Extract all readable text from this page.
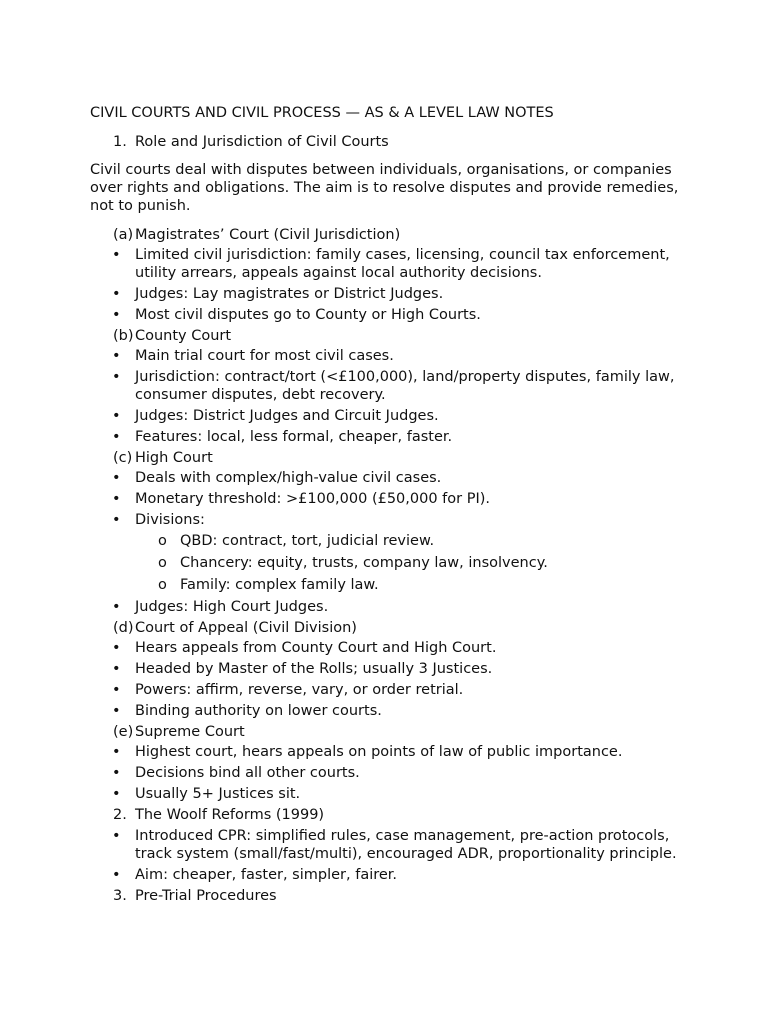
CIVIL COURTS AND CIVIL PROCESS — AS & A LEVEL LAW NOTES
1. Role and Jurisdiction of Civil Courts
Civil courts deal with disputes between individuals, organisations, or companies over rights and obligations. The aim is to resolve disputes and provide remedies, not to punish.
(a) Magistrates’ Court (Civil Jurisdiction)
• Limited civil jurisdiction: family cases, licensing, council tax enforcement, utility arrears, appeals against local authority decisions.
• Judges: Lay magistrates or District Judges.
• Most civil disputes go to County or High Courts.
(b) County Court
• Main trial court for most civil cases.
• Jurisdiction: contract/tort (<£100,000), land/property disputes, family law, consumer disputes, debt recovery.
• Judges: District Judges and Circuit Judges.
• Features: local, less formal, cheaper, faster.
(c) High Court
• Deals with complex/high-value civil cases.
• Monetary threshold: >£100,000 (£50,000 for PI).
• Divisions:
o QBD: contract, tort, judicial review.
o Chancery: equity, trusts, company law, insolvency.
o Family: complex family law.
• Judges: High Court Judges.
(d) Court of Appeal (Civil Division)
• Hears appeals from County Court and High Court.
• Headed by Master of the Rolls; usually 3 Justices.
• Powers: affirm, reverse, vary, or order retrial.
• Binding authority on lower courts.
(e) Supreme Court
• Highest court, hears appeals on points of law of public importance.
• Decisions bind all other courts.
• Usually 5+ Justices sit.
2. The Woolf Reforms (1999)
• Introduced CPR: simplified rules, case management, pre-action protocols, track system (small/fast/multi), encouraged ADR, proportionality principle.
• Aim: cheaper, faster, simpler, fairer.
3. Pre-Trial Procedures
